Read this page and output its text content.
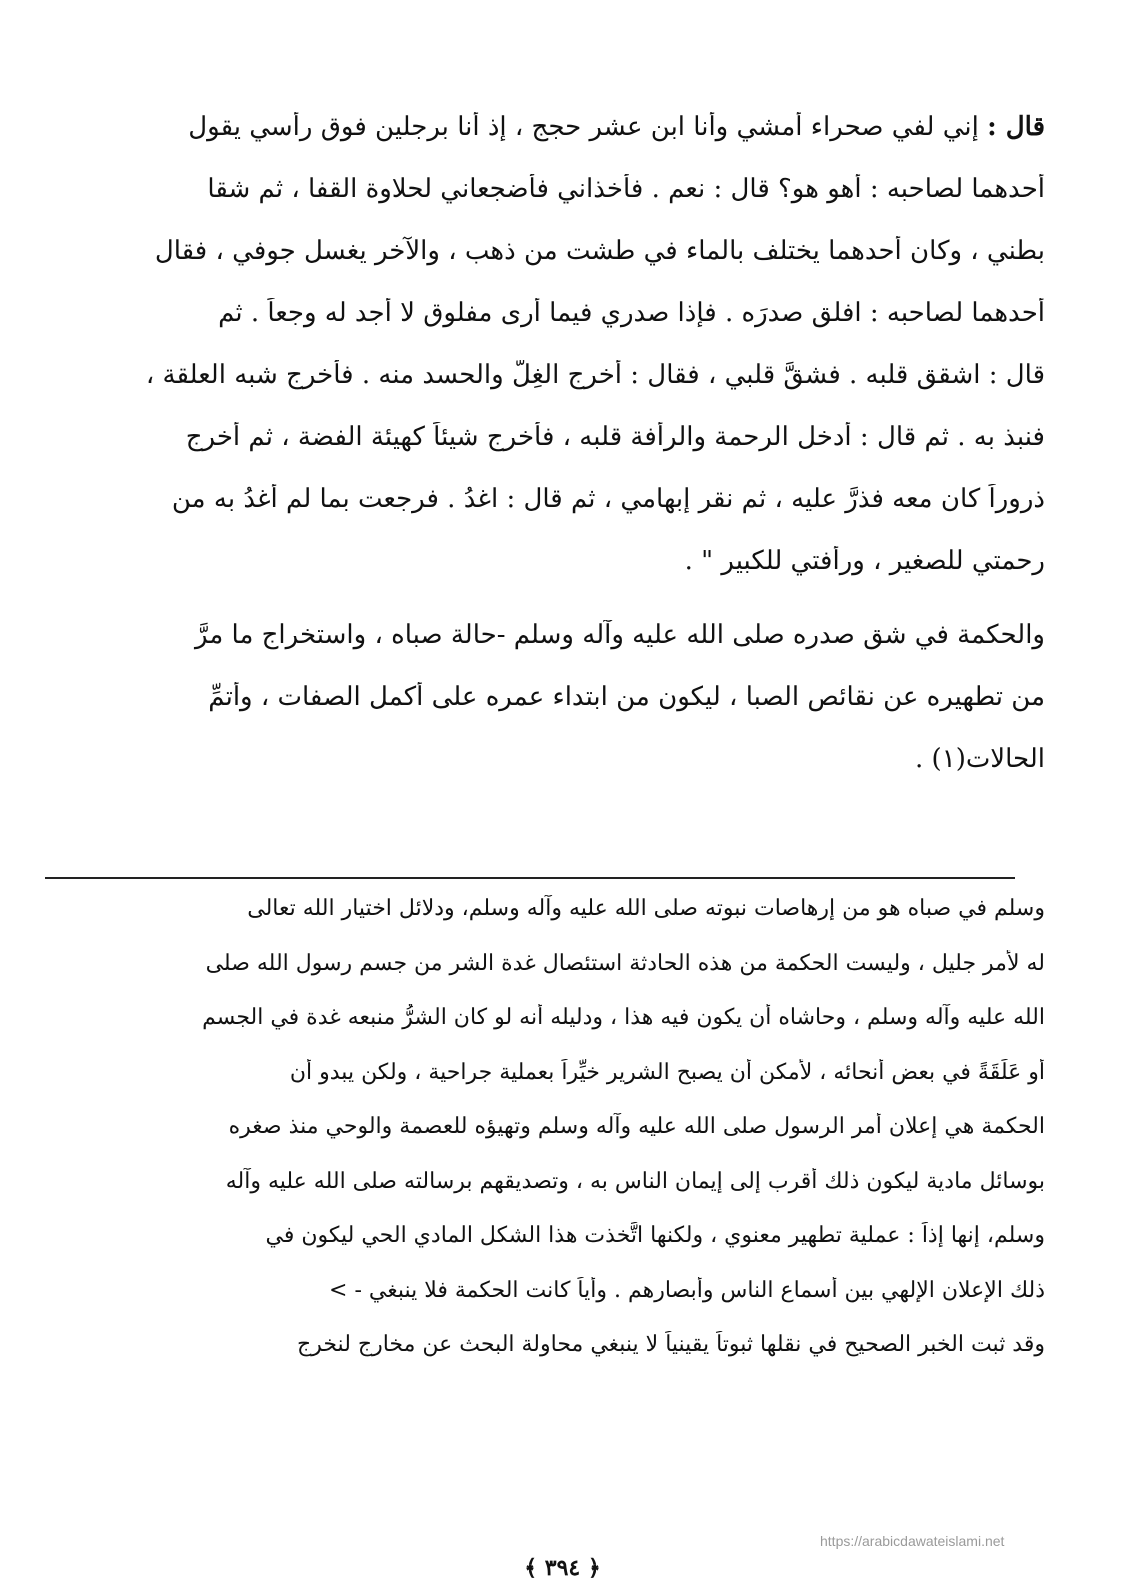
قال : إني لفي صحراء أمشي وأنا ابن عشر حجج ، إذ أنا برجلين فوق رأسي يقول

أحدهما لصاحبه : أهو هو؟ قال : نعم . فأخذاني فأضجعاني لحلاوة القفا ، ثم شقا

بطني ، وكان أحدهما يختلف بالماء في طشت من ذهب ، والآخر يغسل جوفي ، فقال

أحدهما لصاحبه : افلق صدرَه . فإذا صدري فيما أرى مفلوق لا أجد له وجعاً . ثم

قال : اشقق قلبه . فشقَّ قلبي ، فقال : أخرج الغِلَّ والحسد منه . فأخرج شبه العلقة ،

فنبذ به . ثم قال : أدخل الرحمة والرأفة قلبه ، فأخرج شيئاً كهيئة الفضة ، ثم أخرج

ذروراً كان معه فذرَّ عليه ، ثم نقر إبهامي ، ثم قال : اغدُ . فرجعت بما لم أغدُ به من

رحمتي للصغير ، ورأفتي للكبير " .

والحكمة في شق صدره صلى الله عليه وآله وسلم -حالة صباه ، واستخراج ما مرَّ

من تطهيره عن نقائص الصبا ، ليكون من ابتداء عمره على أكمل الصفات ، وأتمِّ

الحالات(١) .

وسلم في صباه هو من إرهاصات نبوته صلى الله عليه وآله وسلم، ودلائل اختيار الله تعالى

له لأمر جليل ، وليست الحكمة من هذه الحادثة استئصال غدة الشر من جسم رسول الله صلى

الله عليه وآله وسلم ، وحاشاه أن يكون فيه هذا ، ودليله أنه لو كان الشرُّ منبعه غدة في الجسم

أو عَلَقَةً في بعض أنحائه ، لأمكن أن يصبح الشرير خيِّراً بعملية جراحية ، ولكن يبدو أن

الحكمة هي إعلان أمر الرسول صلى الله عليه وآله وسلم وتهيؤه للعصمة والوحي منذ صغره

بوسائل مادية ليكون ذلك أقرب إلى إيمان الناس به ، وتصديقهم برسالته صلى الله عليه وآله

وسلم، إنها إذاً : عملية تطهير معنوي ، ولكنها اتَّخذت هذا الشكل المادي الحي ليكون في

ذلك الإعلان الإلهي بين أسماع الناس وأبصارهم . وأياً كانت الحكمة فلا ينبغي - >

وقد ثبت الخبر الصحيح في نقلها ثبوتاً يقينياً لا ينبغي محاولة البحث عن مخارج لنخرج

https://arabicdawateislami.net
﴿ ٣٩٤ ﴾
